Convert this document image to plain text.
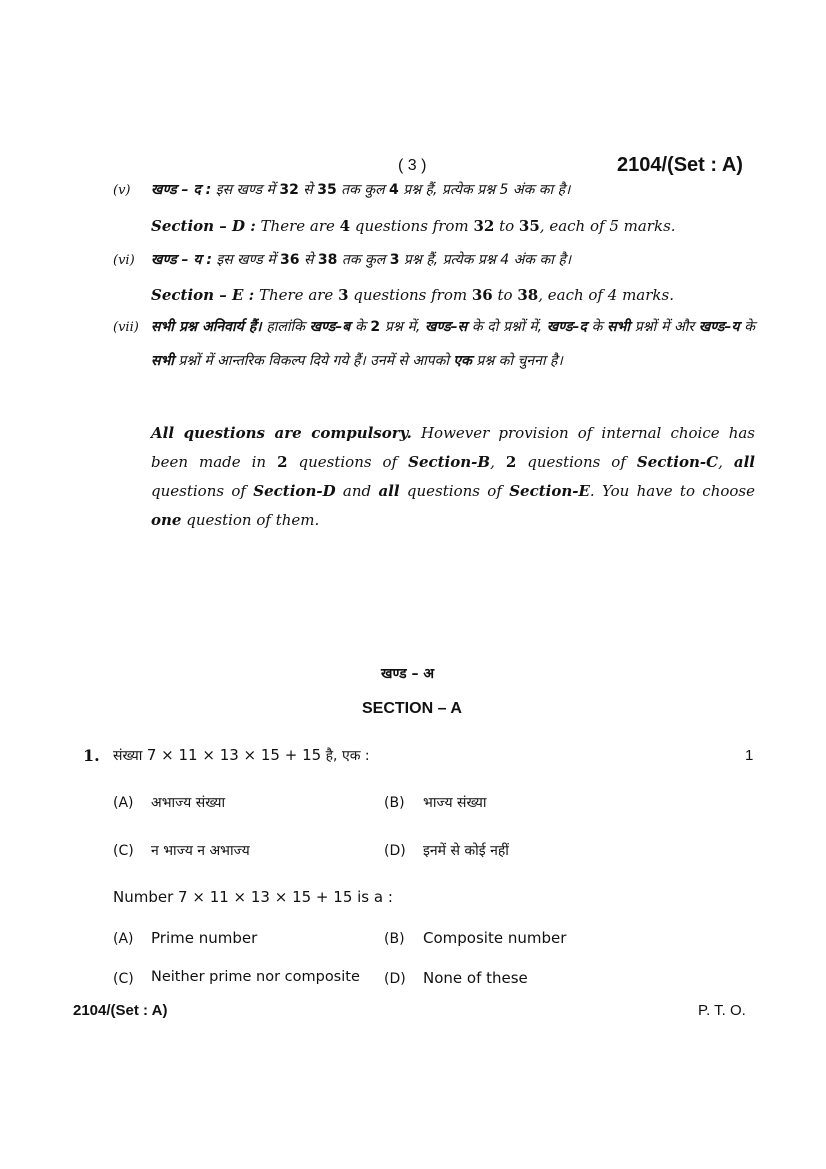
( 3 )	2104/(Set : A)
(v) खण्ड – द : इस खण्ड में 32 से 35 तक कुल 4 प्रश्न हैं, प्रत्येक प्रश्न 5 अंक का है।
Section – D : There are 4 questions from 32 to 35, each of 5 marks.
(vi) खण्ड – य : इस खण्ड में 36 से 38 तक कुल 3 प्रश्न हैं, प्रत्येक प्रश्न 4 अंक का है।
Section – E : There are 3 questions from 36 to 38, each of 4 marks.
(vii) सभी प्रश्न अनिवार्य हैं। हालांकि खण्ड–ब के 2 प्रश्न में, खण्ड–स के दो प्रश्नों में, खण्ड–द के सभी प्रश्नों में और खण्ड–य के सभी प्रश्नों में आन्तरिक विकल्प दिये गये हैं। उनमें से आपको एक प्रश्न को चुनना है।
All questions are compulsory. However provision of internal choice has been made in 2 questions of Section-B, 2 questions of Section-C, all questions of Section-D and all questions of Section-E. You have to choose one question of them.
खण्ड – अ
SECTION – A
1. संख्या 7 × 11 × 13 × 15 + 15 है, एक :	1
(A) अभाज्य संख्या	(B) भाज्य संख्या
(C) न भाज्य न अभाज्य	(D) इनमें से कोई नहीं
Number 7 × 11 × 13 × 15 + 15 is a :
(A) Prime number	(B) Composite number
(C) Neither prime nor composite (D) None of these
2104/(Set : A)	P. T. O.
